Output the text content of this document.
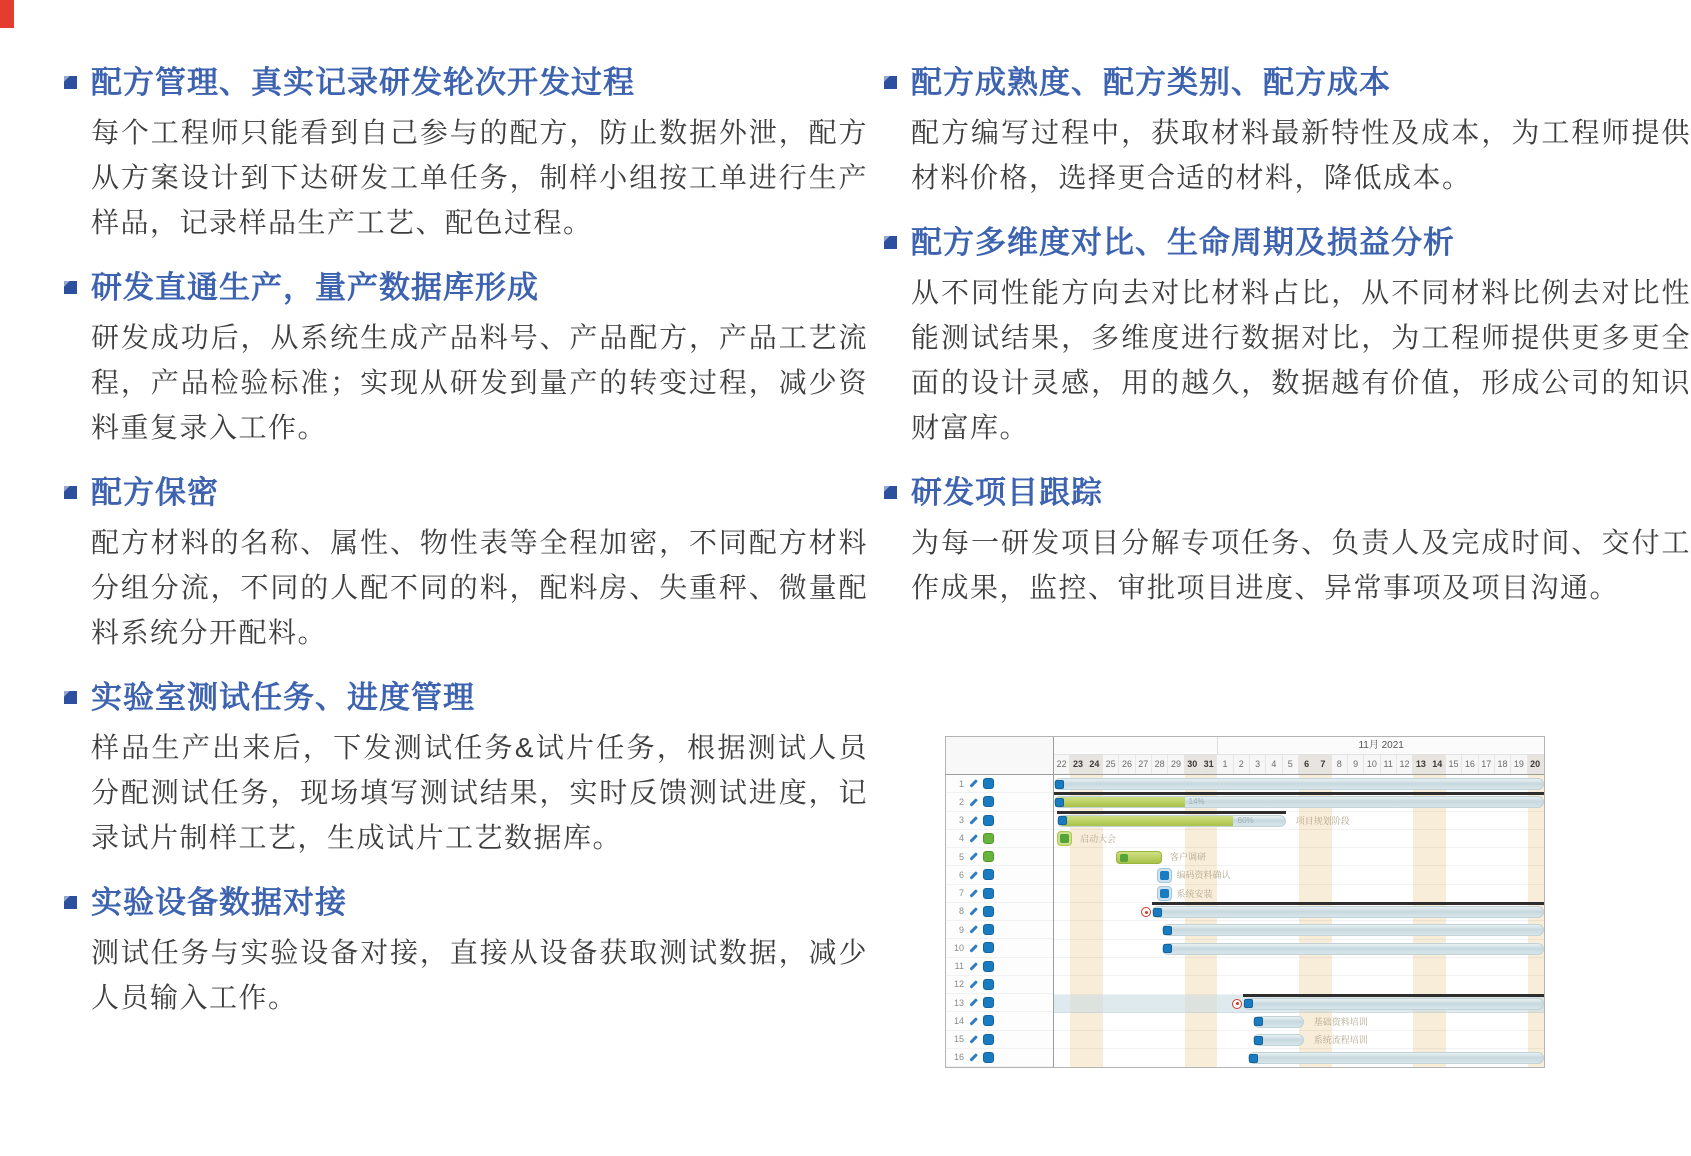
配方管理、真实记录研发轮次开发过程

每个工程师只能看到自己参与的配方，防止数据外泄，配方从方案设计到下达研发工单任务，制样小组按工单进行生产样品，记录样品生产工艺、配色过程。

研发直通生产，量产数据库形成

研发成功后，从系统生成产品料号、产品配方，产品工艺流程，产品检验标准；实现从研发到量产的转变过程，减少资料重复录入工作。

配方保密

配方材料的名称、属性、物性表等全程加密，不同配方材料分组分流，不同的人配不同的料，配料房、失重秤、微量配料系统分开配料。

实验室测试任务、进度管理

样品生产出来后，下发测试任务&试片任务，根据测试人员分配测试任务，现场填写测试结果，实时反馈测试进度，记录试片制样工艺，生成试片工艺数据库。

实验设备数据对接

测试任务与实验设备对接，直接从设备获取测试数据，减少人员输入工作。

配方成熟度、配方类别、配方成本

配方编写过程中，获取材料最新特性及成本，为工程师提供材料价格，选择更合适的材料，降低成本。

配方多维度对比、生命周期及损益分析

从不同性能方向去对比材料占比，从不同材料比例去对比性能测试结果，多维度进行数据对比，为工程师提供更多更全面的设计灵感，用的越久，数据越有价值，形成公司的知识财富库。

研发项目跟踪

为每一研发项目分解专项任务、负责人及完成时间、交付工作成果，监控、审批项目进度、异常事项及项目沟通。

1
2
3
4
5
6
7
8
9
10
11
12
13
14
15
16
11月 2021
22 23 24 25 26 27 28 29 30 31 1	2	3	4	5	6	7	8	9 10 11 12 13 14 15 16 17 18 19 20
14%
60%	项目规划阶段
启动大会
客户调研
编码资料确认
系统安装
基础资料培训
系统流程培训
